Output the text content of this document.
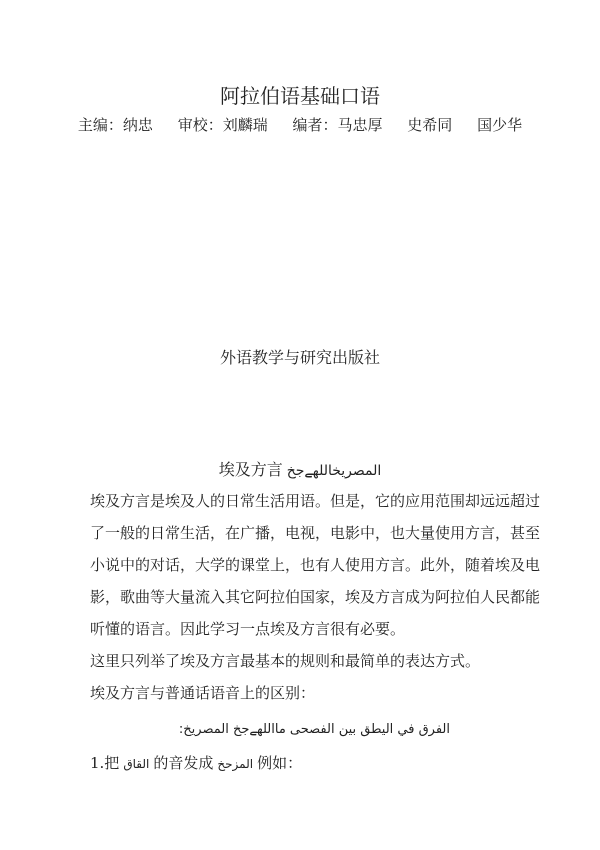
阿拉伯语基础口语
主编：纳忠 审校：刘麟瑞 编者：马忠厚 史希同 国少华
外语教学与研究出版社
埃及方言 المصريخاللهےجخ

埃及方言是埃及人的日常生活用语。但是，它的应用范围却远远超过了一般的日常生活，在广播，电视，电影中，也大量使用方言，甚至小说中的对话，大学的课堂上，也有人使用方言。此外，随着埃及电影，歌曲等大量流入其它阿拉伯国家，埃及方言成为阿拉伯人民都能听懂的语言。因此学习一点埃及方言很有必要。

这里只列举了埃及方言最基本的规则和最简单的表达方式。

埃及方言与普通话语音上的区别：

الفرق في اليطق بين الفصحى مااللهےجخ المصريخ:
1.把 القاق 的音发成 المزحخ 例如：
